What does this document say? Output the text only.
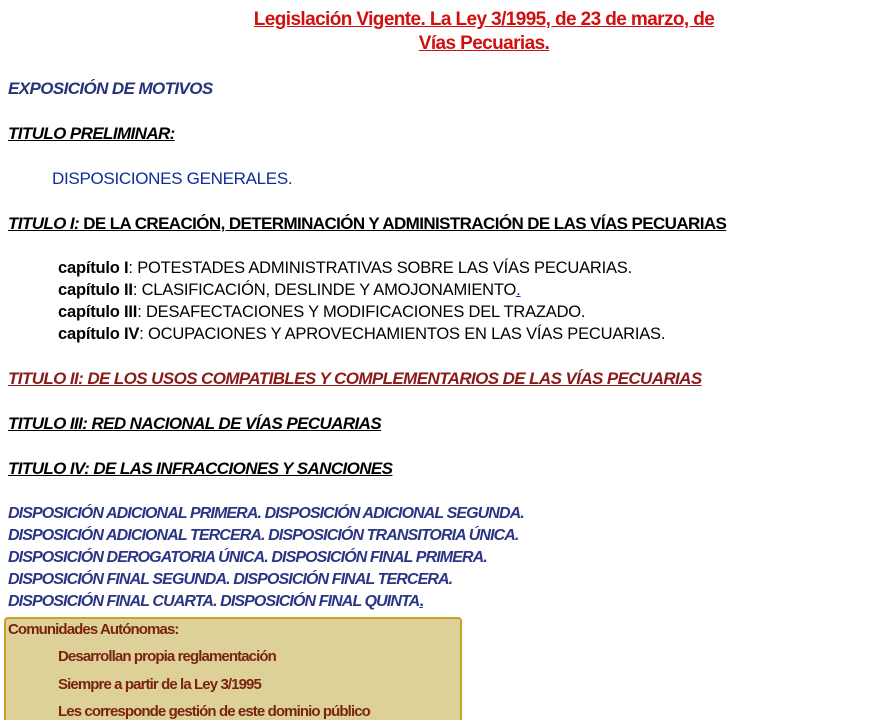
Legislación Vigente. La Ley 3/1995, de 23 de marzo, de
Vías Pecuarias.
EXPOSICIÓN DE MOTIVOS
TITULO PRELIMINAR:
DISPOSICIONES GENERALES.
TITULO I: DE LA CREACIÓN, DETERMINACIÓN Y ADMINISTRACIÓN DE LAS VÍAS PECUARIAS
capítulo I: POTESTADES ADMINISTRATIVAS SOBRE LAS VÍAS PECUARIAS.
capítulo II: CLASIFICACIÓN, DESLINDE Y AMOJONAMIENTO.
capítulo III: DESAFECTACIONES Y MODIFICACIONES DEL TRAZADO.
capítulo IV: OCUPACIONES Y APROVECHAMIENTOS EN LAS VÍAS PECUARIAS.
TITULO II: DE LOS USOS COMPATIBLES Y COMPLEMENTARIOS DE LAS VÍAS PECUARIAS
TITULO III: RED NACIONAL DE VÍAS PECUARIAS
TITULO IV: DE LAS INFRACCIONES Y SANCIONES
DISPOSICIÓN ADICIONAL PRIMERA. DISPOSICIÓN ADICIONAL SEGUNDA.
DISPOSICIÓN ADICIONAL TERCERA. DISPOSICIÓN TRANSITORIA ÚNICA.
DISPOSICIÓN DEROGATORIA ÚNICA. DISPOSICIÓN FINAL PRIMERA.
DISPOSICIÓN FINAL SEGUNDA. DISPOSICIÓN FINAL TERCERA.
DISPOSICIÓN FINAL CUARTA. DISPOSICIÓN FINAL QUINTA.
Comunidades Autónomas:
Desarrollan propia reglamentación
Siempre a partir de la Ley 3/1995
Les corresponde gestión de este dominio público
